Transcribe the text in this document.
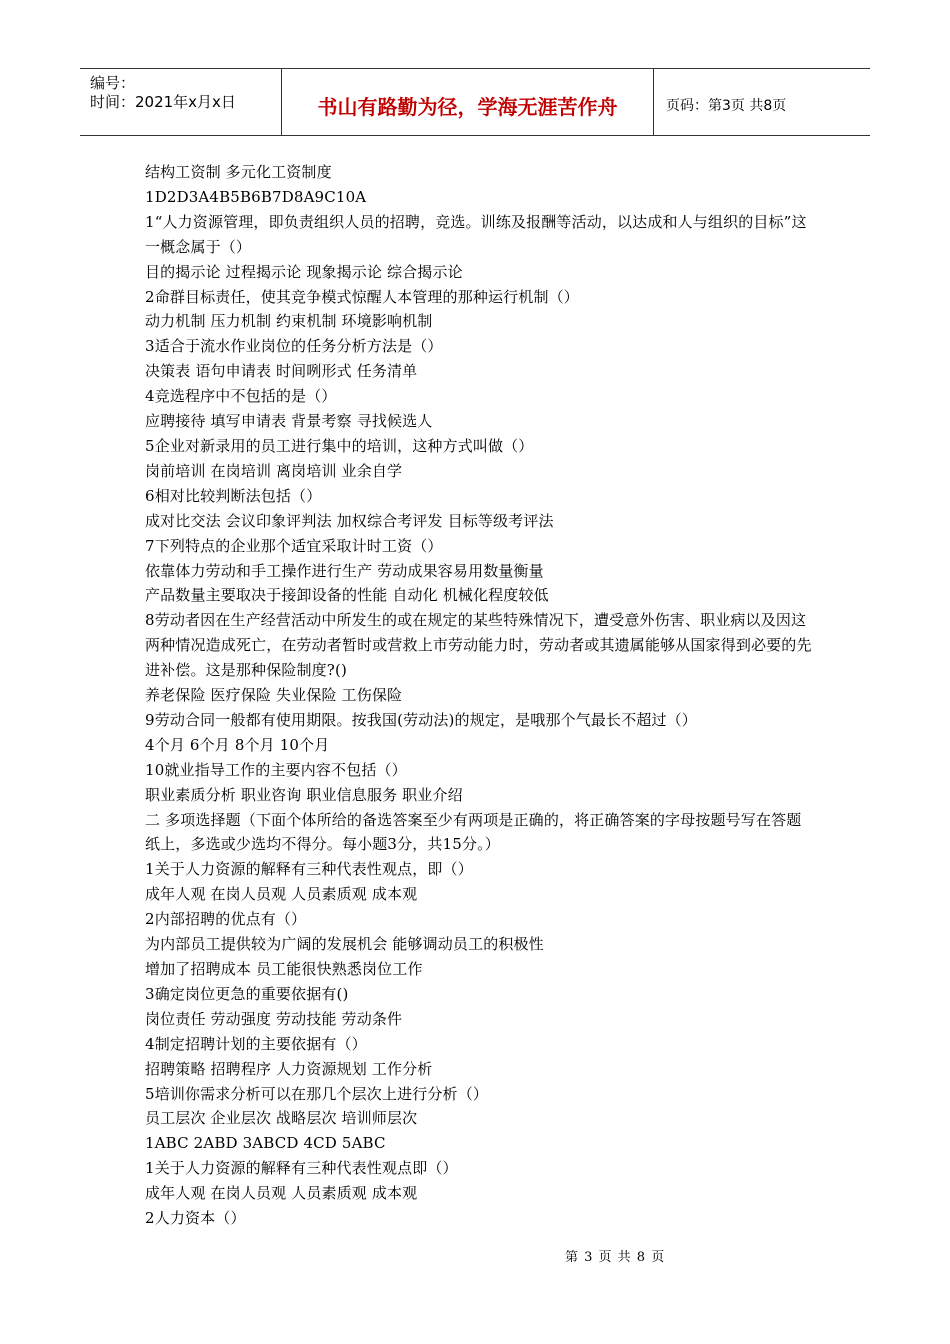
编号：
时间：2021年x月x日	书山有路勤为径，学海无涯苦作舟	页码：第3页 共8页
结构工资制 多元化工资制度
1D2D3A4B5B6B7D8A9C10A
1“人力资源管理，即负责组织人员的招聘，竞选。训练及报酬等活动，以达成和人与组织的目标”这一概念属于（）
目的揭示论 过程揭示论 现象揭示论 综合揭示论
2命群目标责任，使其竞争模式惊醒人本管理的那种运行机制（）
动力机制 压力机制 约束机制 环境影响机制
3适合于流水作业岗位的任务分析方法是（）
决策表 语句申请表 时间咧形式 任务清单
4竞选程序中不包括的是（）
应聘接待 填写申请表 背景考察 寻找候选人
5企业对新录用的员工进行集中的培训，这种方式叫做（）
岗前培训 在岗培训 离岗培训 业余自学
6相对比较判断法包括（）
成对比交法 会议印象评判法 加权综合考评发 目标等级考评法
7下列特点的企业那个适宜采取计时工资（）
依靠体力劳动和手工操作进行生产 劳动成果容易用数量衡量
产品数量主要取决于接卸设备的性能 自动化 机械化程度较低
8劳动者因在生产经营活动中所发生的或在规定的某些特殊情况下，遭受意外伤害、职业病以及因这两种情况造成死亡，在劳动者暂时或营救上市劳动能力时，劳动者或其遗属能够从国家得到必要的先进补偿。这是那种保险制度?()
养老保险 医疗保险 失业保险 工伤保险
9劳动合同一般都有使用期限。按我国(劳动法)的规定，是哦那个气最长不超过（）
4个月 6个月 8个月 10个月
10就业指导工作的主要内容不包括（）
职业素质分析 职业咨询 职业信息服务 职业介绍
二 多项选择题（下面个体所给的备选答案至少有两项是正确的，将正确答案的字母按题号写在答题纸上，多选或少选均不得分。每小题3分，共15分。）
1关于人力资源的解释有三种代表性观点，即（）
成年人观 在岗人员观 人员素质观 成本观
2内部招聘的优点有（）
为内部员工提供较为广阔的发展机会 能够调动员工的积极性
增加了招聘成本 员工能很快熟悉岗位工作
3确定岗位更急的重要依据有()
岗位责任 劳动强度 劳动技能 劳动条件
4制定招聘计划的主要依据有（）
招聘策略 招聘程序 人力资源规划 工作分析
5培训你需求分析可以在那几个层次上进行分析（）
员工层次 企业层次 战略层次 培训师层次
1ABC 2ABD 3ABCD 4CD 5ABC
1关于人力资源的解释有三种代表性观点即（）
成年人观 在岗人员观 人员素质观 成本观
2人力资本（）
第 3 页 共 8 页
